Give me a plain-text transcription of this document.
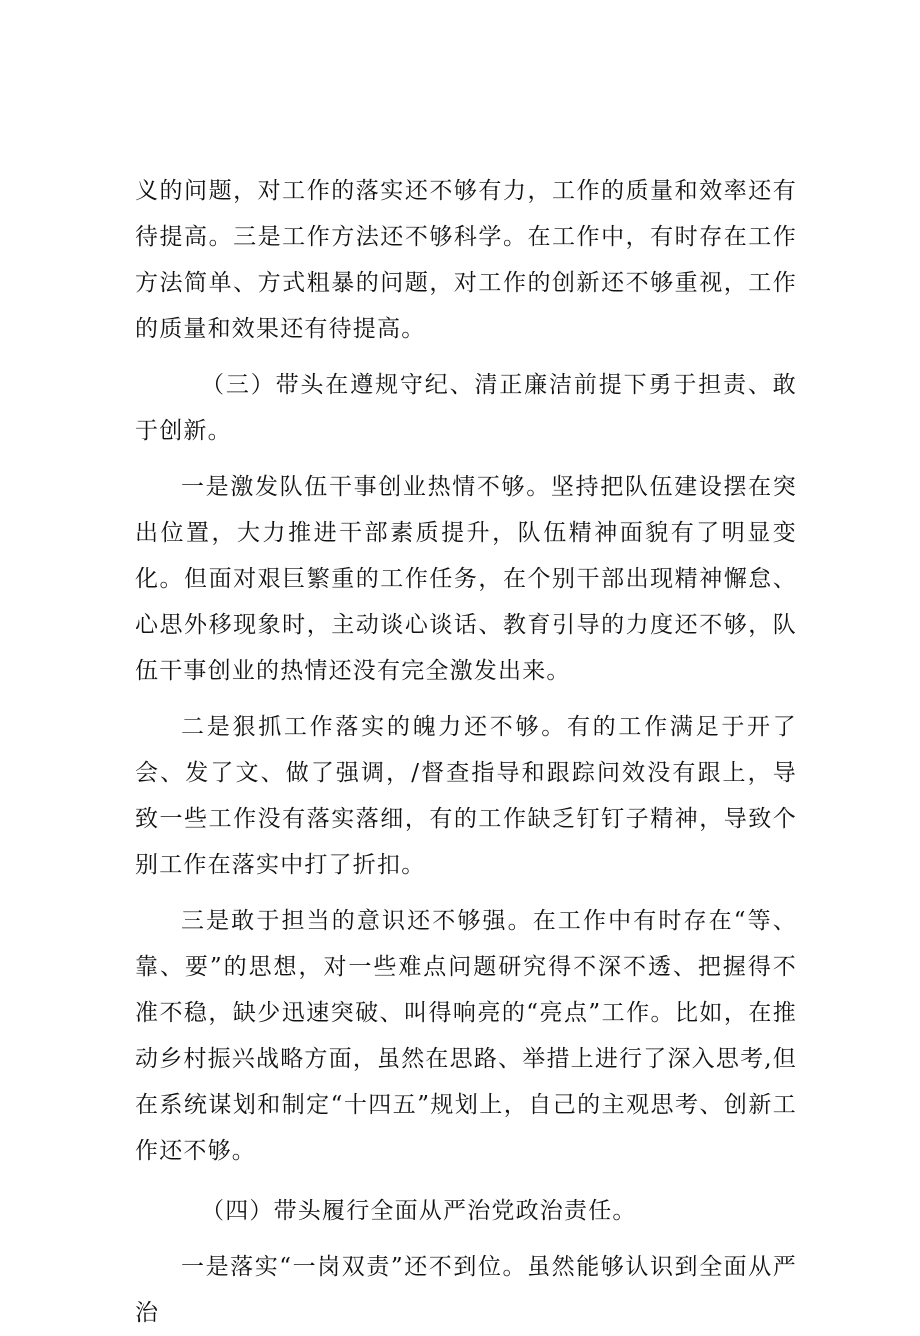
义的问题，对工作的落实还不够有力，工作的质量和效率还有待提高。三是工作方法还不够科学。在工作中，有时存在工作方法简单、方式粗暴的问题，对工作的创新还不够重视，工作的质量和效果还有待提高。

（三）带头在遵规守纪、清正廉洁前提下勇于担责、敢于创新。

一是激发队伍干事创业热情不够。坚持把队伍建设摆在突出位置，大力推进干部素质提升，队伍精神面貌有了明显变化。但面对艰巨繁重的工作任务，在个别干部出现精神懈怠、心思外移现象时，主动谈心谈话、教育引导的力度还不够，队伍干事创业的热情还没有完全激发出来。

二是狠抓工作落实的魄力还不够。有的工作满足于开了会、发了文、做了强调，/督查指导和跟踪问效没有跟上，导致一些工作没有落实落细，有的工作缺乏钉钉子精神，导致个别工作在落实中打了折扣。

三是敢于担当的意识还不够强。在工作中有时存在“等、靠、要”的思想，对一些难点问题研究得不深不透、把握得不准不稳，缺少迅速突破、叫得响亮的“亮点”工作。比如，在推动乡村振兴战略方面，虽然在思路、举措上进行了深入思考,但在系统谋划和制定“十四五”规划上，自己的主观思考、创新工作还不够。

（四）带头履行全面从严治党政治责任。

一是落实“一岗双责”还不到位。虽然能够认识到全面从严治
